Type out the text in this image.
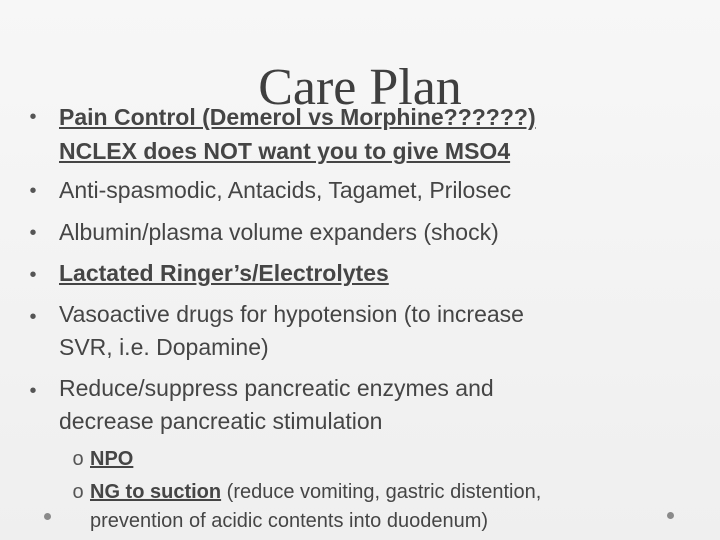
Care Plan
• Pain Control (Demerol vs Morphine??????)
NCLEX does NOT want you to give MSO4
• Anti-spasmodic, Antacids, Tagamet, Prilosec
• Albumin/plasma volume expanders (shock)
• Lactated Ringer’s/Electrolytes
• Vasoactive drugs for hypotension (to increase
SVR, i.e. Dopamine)
• Reduce/suppress pancreatic enzymes and
decrease pancreatic stimulation
o NPO
o NG to suction (reduce vomiting, gastric distention,
prevention of acidic contents into duodenum)
